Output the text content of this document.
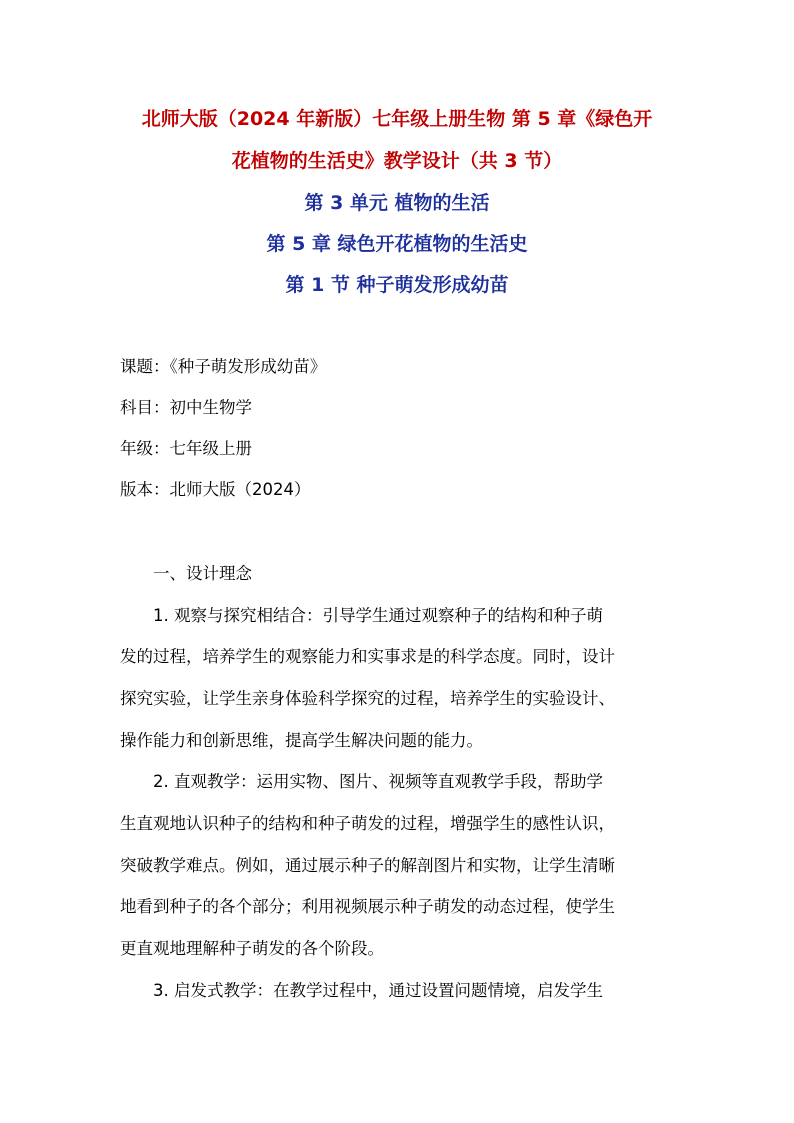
北师大版（2024 年新版）七年级上册生物 第 5 章《绿色开
花植物的生活史》教学设计（共 3 节）
第 3 单元 植物的生活
第 5 章 绿色开花植物的生活史
第 1 节 种子萌发形成幼苗
课题：《种子萌发形成幼苗》
科目：初中生物学
年级：七年级上册
版本：北师大版（2024）
一、设计理念
1. 观察与探究相结合：引导学生通过观察种子的结构和种子萌
发的过程，培养学生的观察能力和实事求是的科学态度。同时，设计
探究实验，让学生亲身体验科学探究的过程，培养学生的实验设计、
操作能力和创新思维，提高学生解决问题的能力。
2. 直观教学：运用实物、图片、视频等直观教学手段，帮助学
生直观地认识种子的结构和种子萌发的过程，增强学生的感性认识，
突破教学难点。例如，通过展示种子的解剖图片和实物，让学生清晰
地看到种子的各个部分；利用视频展示种子萌发的动态过程，使学生
更直观地理解种子萌发的各个阶段。
3. 启发式教学：在教学过程中，通过设置问题情境，启发学生
